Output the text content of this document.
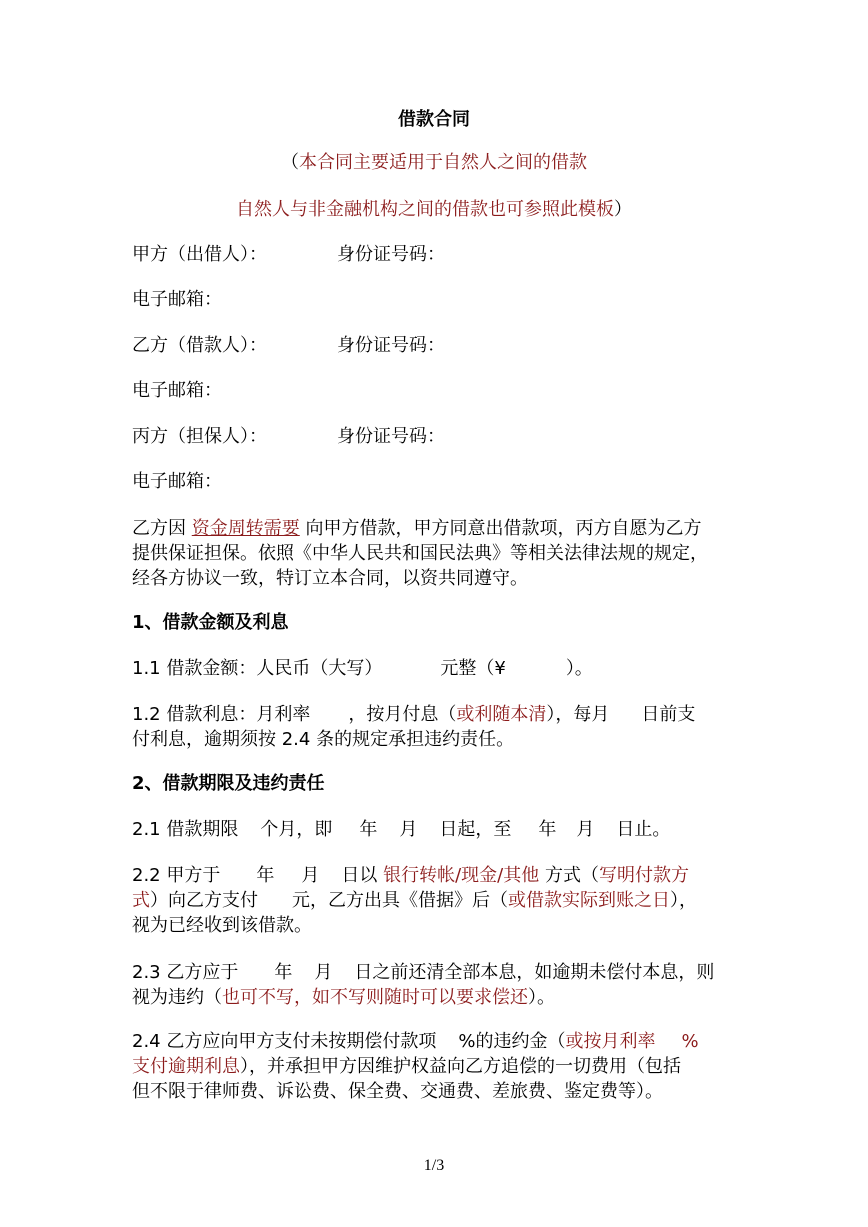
借款合同
（本合同主要适用于自然人之间的借款
自然人与非金融机构之间的借款也可参照此模板）
甲方（出借人）：	身份证号码：
电子邮箱：
乙方（借款人）：	身份证号码：
电子邮箱：
丙方（担保人）：	身份证号码：
电子邮箱：
乙方因 资金周转需要 向甲方借款，甲方同意出借款项，丙方自愿为乙方
提供保证担保。依照《中华人民共和国民法典》等相关法律法规的规定，
经各方协议一致，特订立本合同，以资共同遵守。
1、借款金额及利息
1.1 借款金额：人民币（大写）	元整（¥	）。
1.2 借款利息：月利率 ，按月付息（或利随本清），每月 日前支
付利息，逾期须按 2.4 条的规定承担违约责任。
2、借款期限及违约责任
2.1 借款期限 个月，即 年 月 日起，至 年 月 日止。
2.2 甲方于 年 月 日以 银行转帐/现金/其他 方式（写明付款方
式）向乙方支付 元，乙方出具《借据》后（或借款实际到账之日），
视为已经收到该借款。
2.3 乙方应于 年 月 日之前还清全部本息，如逾期未偿付本息，则
视为违约（也可不写，如不写则随时可以要求偿还）。
2.4 乙方应向甲方支付未按期偿付款项 %的违约金（或按月利率 %
支付逾期利息），并承担甲方因维护权益向乙方追偿的一切费用（包括
但不限于律师费、诉讼费、保全费、交通费、差旅费、鉴定费等）。
1/3
